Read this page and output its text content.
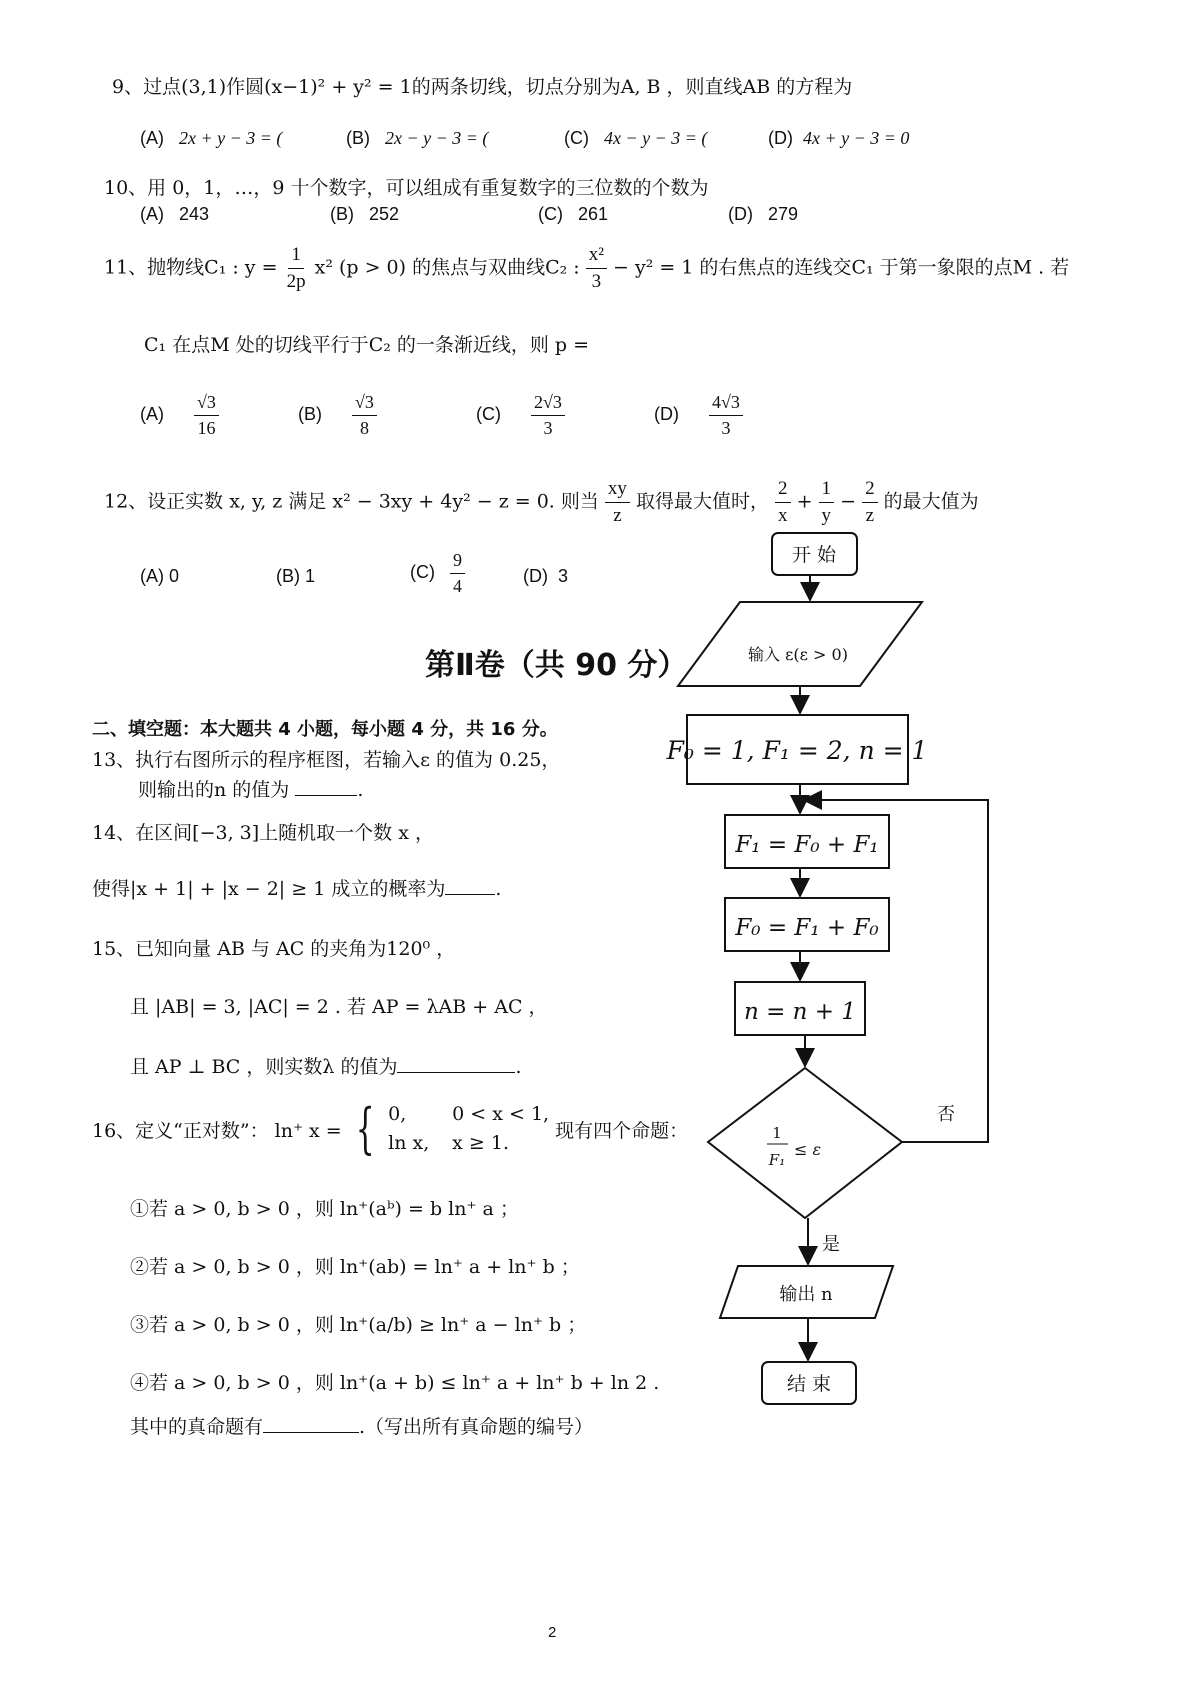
9、过点(3,1)作圆(x−1)² + y² = 1的两条切线，切点分别为A, B ，则直线AB 的方程为
(A) 2x + y − 3 = (	(B) 2x − y − 3 = (	(C) 4x − y − 3 = (	(D) 4x + y − 3 = 0
10、用 0，1，…，9 十个数字，可以组成有重复数字的三位数的个数为
(A) 243	(B) 252	(C) 261	(D) 279
11、抛物线C₁ : $y = \frac{1}{2p} x^2$ (p > 0) 的焦点与双曲线C₂ : $\frac{\text{x²}}{3} - y^2 = 1$ 的右焦点的连线交C₁ 于第一象限的点M . 若
C₁ 在点M 处的切线平行于C₂ 的一条渐近线，则 p =
$(A) \frac{√3}{16}$	$(B) \frac{√3}{8}$	$(C) \frac{2√3}{3}$	$(D) \frac{4√3}{3}$
12、设正实数 x, y, z 满足 x² − 3xy + 4y² − z = 0. 则当 $\frac{xy}{z}$ 取得最大值时， $\frac{2}{x} + \frac{1}{y} - \frac{2}{z}$ 的最大值为
(A) 0	(B) 1	$(C) \frac{9}{4}$	(D) 3
第Ⅱ卷（共 90 分）
二、填空题：本大题共 4 小题，每小题 4 分，共 16 分。
13、执行右图所示的程序框图，若输入ε 的值为 0.25，
则输出的n 的值为	.
14、在区间[−3, 3]上随机取一个数 x ，
使得|x + 1| + |x − 2| ≥ 1 成立的概率为	.
15、已知向量 AB 与 AC 的夹角为120⁰ ，
且 |AB| = 3, |AC| = 2 . 若 AP = λAB + AC ，
且 AP ⊥ BC ，则实数λ 的值为	.
16、定义“正对数”： ln⁺ x = { 0, 0 < x < 1,
ln x, x ≥ 1.
现有四个命题：
①若 a > 0, b > 0 ，则 ln⁺(aᵇ) = b ln⁺ a ；
②若 a > 0, b > 0 ，则 ln⁺(ab) = ln⁺ a + ln⁺ b ；
③若 a > 0, b > 0 ，则 ln⁺(a/b) ≥ ln⁺ a − ln⁺ b ；
④若 a > 0, b > 0 ，则 ln⁺(a + b) ≤ ln⁺ a + ln⁺ b + ln 2 .
其中的真命题有	.（写出所有真命题的编号）
开 始
输入 ε(ε > 0)
F₀ = 1, F₁ = 2, n = 1
F₁ = F₀ + F₁
F₀ = F₁ + F₀
n = n + 1
1
F₁
≤ ε
否
是
输出 n
结 束
2
